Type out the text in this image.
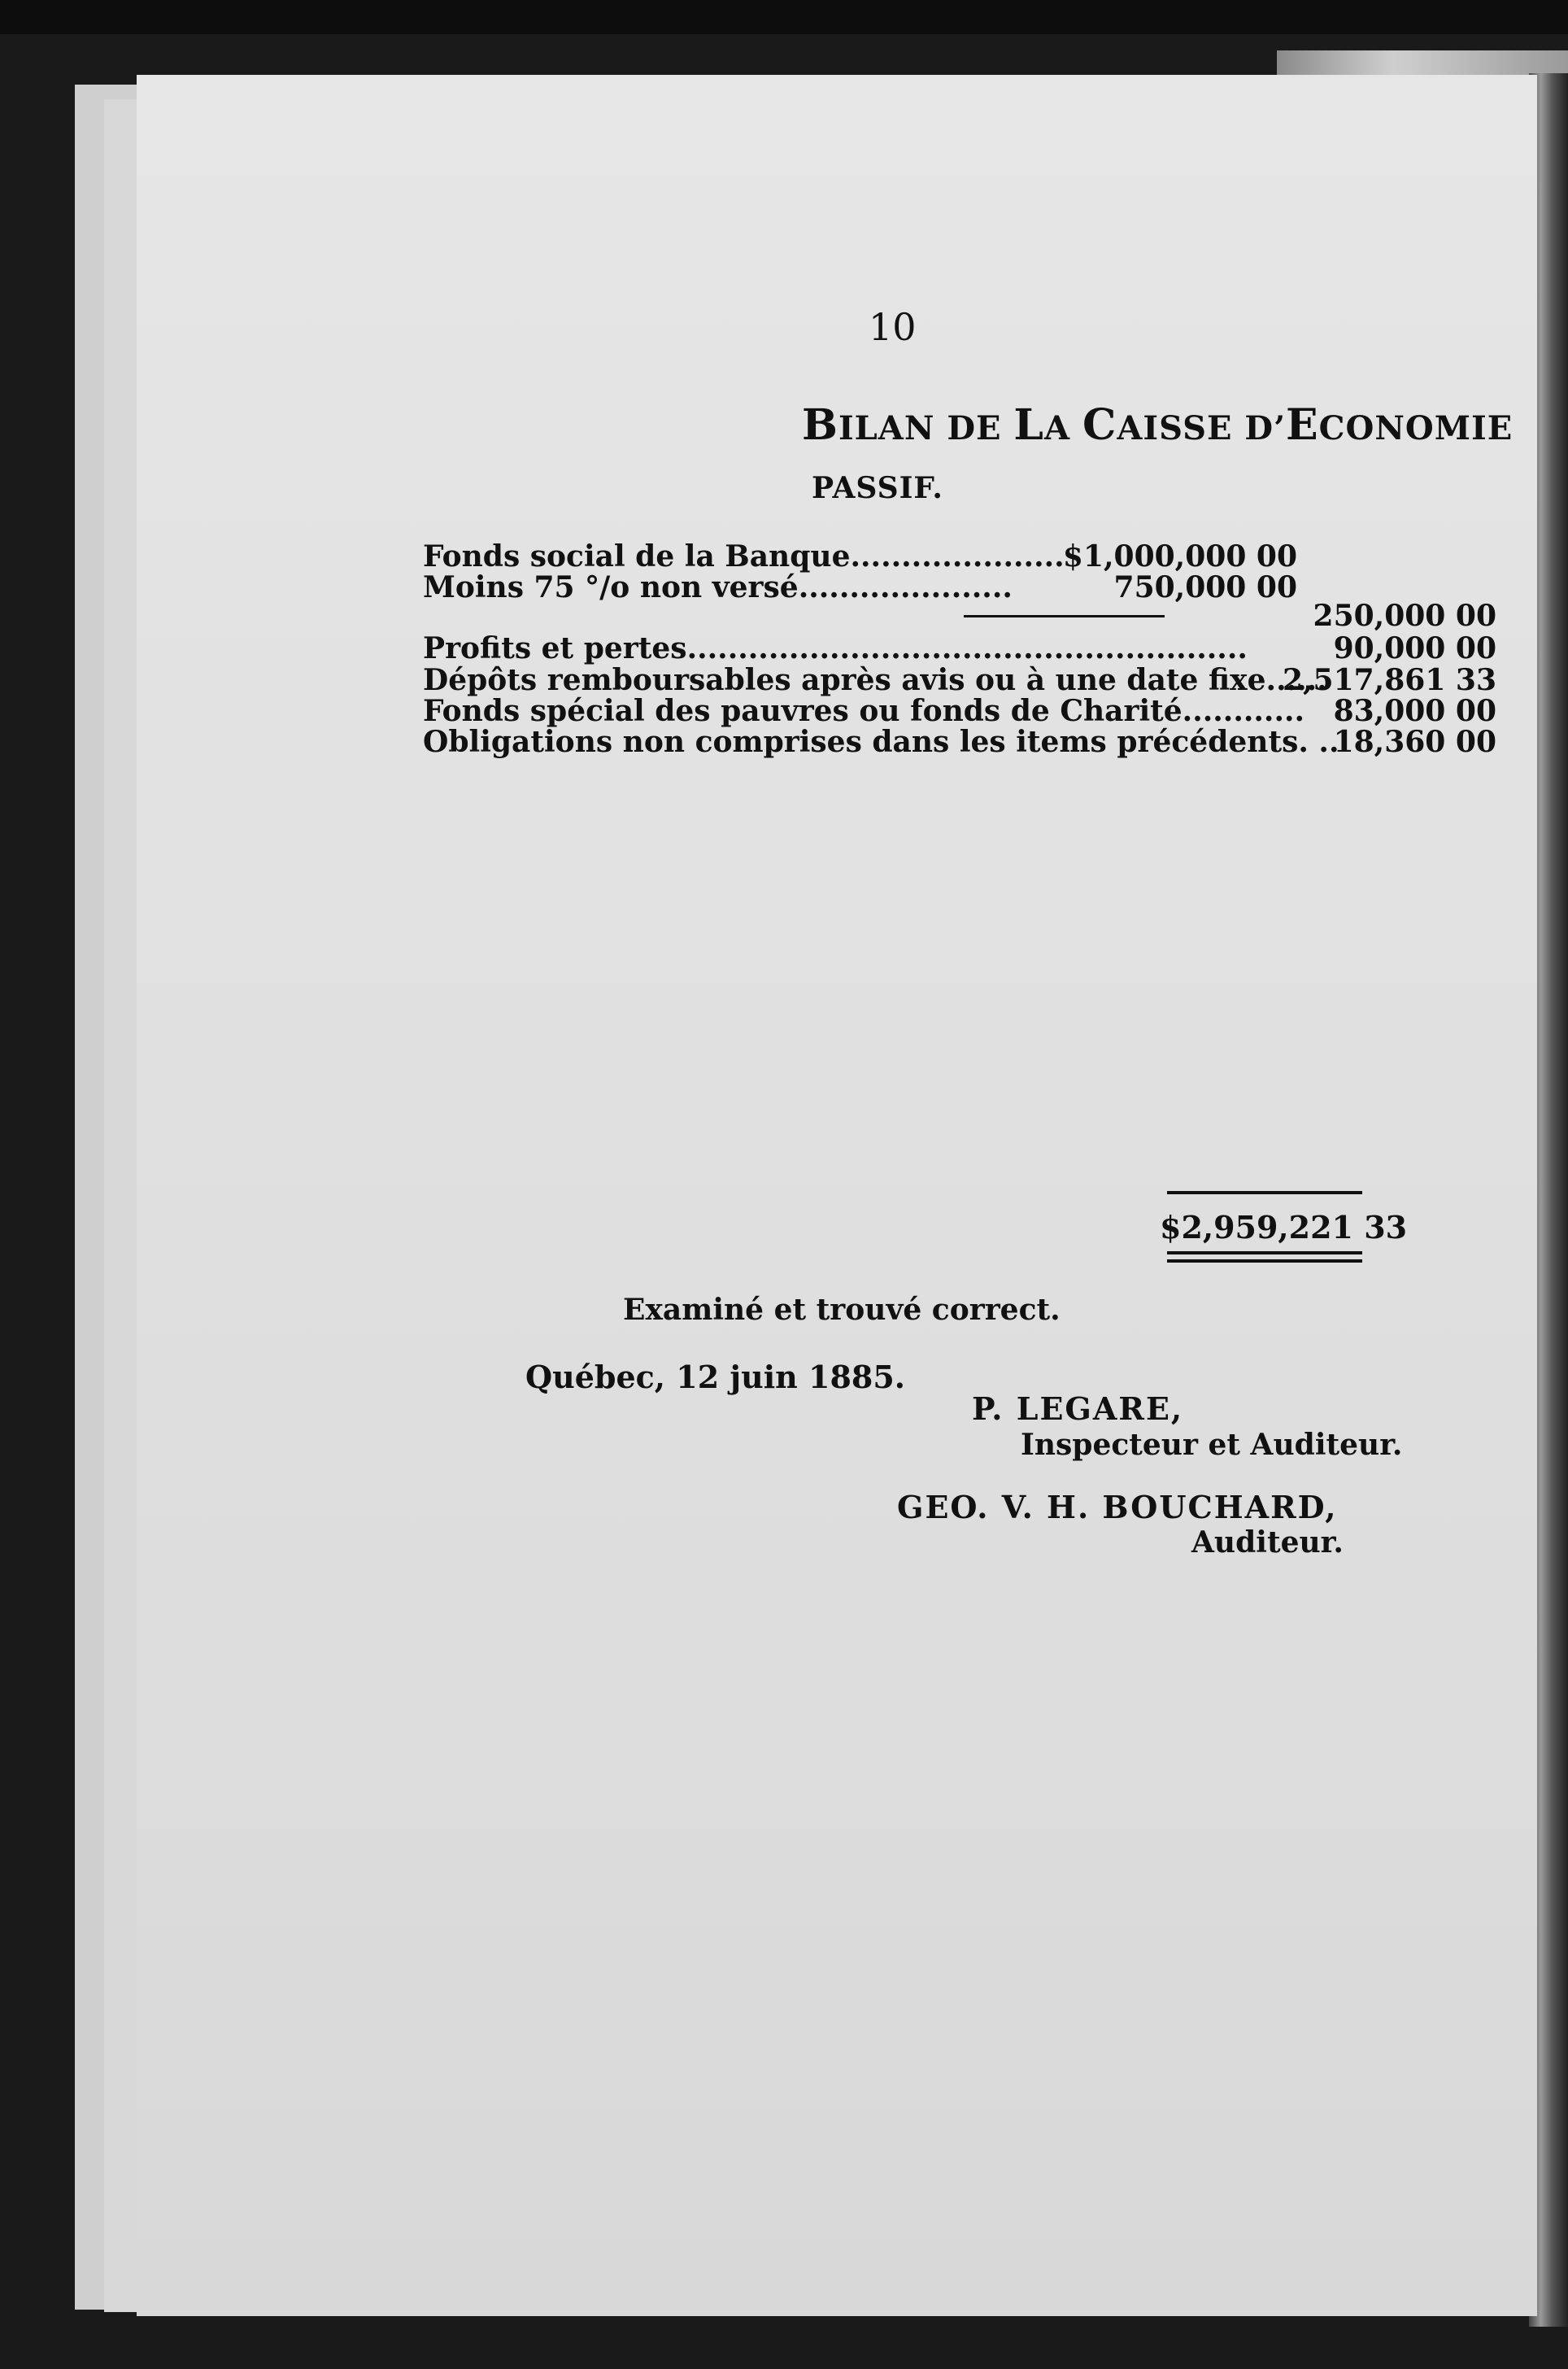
10
BILAN DE LA CAISSE D’ECONOMIE
PASSIF.
Fonds social de la Banque.....................
$1,000,000 00
Moins 75 °/o non versé.....................	750,000 00
250,000 00
Profits et pertes.......................................................	90,000 00
Dépôts remboursables après avis ou à une date fixe......
2,517,861 33
Fonds spécial des pauvres ou fonds de Charité............ 83,000 00
Obligations non comprises dans les items précédents. ..
18,360 00
$2,959,221 33
Examiné et trouvé correct.
Québec, 12 juin 1885.
P. LEGARE,
Inspecteur et Auditeur.
GEO. V. H. BOUCHARD,
Auditeur.
